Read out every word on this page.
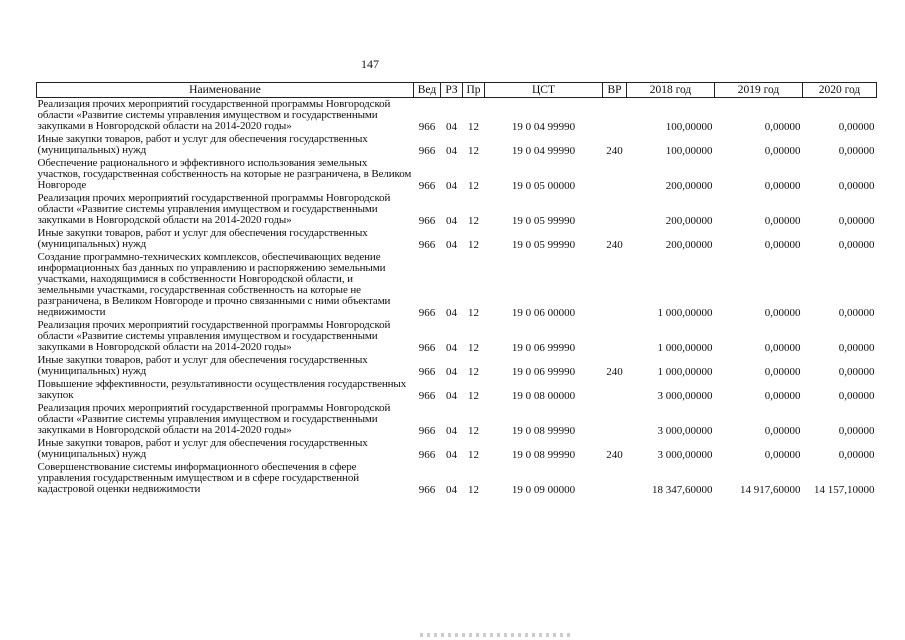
147
Наименование	Вед	РЗ	Пр	ЦСТ	ВР	2018 год	2019 год	2020 год
Реализация прочих мероприятий государственной программы Новгородской области «Развитие системы управления имуществом и государственными закупками в Новгородской области на 2014-2020 годы»	966	04	12	19 0 04 99990		100,00000	0,00000	0,00000
Иные закупки товаров, работ и услуг для обеспечения государственных (муниципальных) нужд	966	04	12	19 0 04 99990	240	100,00000	0,00000	0,00000
Обеспечение рационального и эффективного использования земельных участков, государственная собственность на которые не разграничена, в Великом Новгороде	966	04	12	19 0 05 00000		200,00000	0,00000	0,00000
Реализация прочих мероприятий государственной программы Новгородской области «Развитие системы управления имуществом и государственными закупками в Новгородской области на 2014-2020 годы»	966	04	12	19 0 05 99990		200,00000	0,00000	0,00000
Иные закупки товаров, работ и услуг для обеспечения государственных (муниципальных) нужд	966	04	12	19 0 05 99990	240	200,00000	0,00000	0,00000
Создание программно-технических комплексов, обеспечивающих ведение информационных баз данных по управлению и распоряжению земельными участками, находящимися в собственности Новгородской области, и земельными участками, государственная собственность на которые не разграничена, в Великом Новгороде и прочно связанными с ними объектами недвижимости	966	04	12	19 0 06 00000		1 000,00000	0,00000	0,00000
Реализация прочих мероприятий государственной программы Новгородской области «Развитие системы управления имуществом и государственными закупками в Новгородской области на 2014-2020 годы»	966	04	12	19 0 06 99990		1 000,00000	0,00000	0,00000
Иные закупки товаров, работ и услуг для обеспечения государственных (муниципальных) нужд	966	04	12	19 0 06 99990	240	1 000,00000	0,00000	0,00000
Повышение эффективности, результативности осуществления государственных закупок	966	04	12	19 0 08 00000		3 000,00000	0,00000	0,00000
Реализация прочих мероприятий государственной программы Новгородской области «Развитие системы управления имуществом и государственными закупками в Новгородской области на 2014-2020 годы»	966	04	12	19 0 08 99990		3 000,00000	0,00000	0,00000
Иные закупки товаров, работ и услуг для обеспечения государственных (муниципальных) нужд	966	04	12	19 0 08 99990	240	3 000,00000	0,00000	0,00000
Совершенствование системы информационного обеспечения в сфере управления государственным имуществом и в сфере государственной кадастровой оценки недвижимости	966	04	12	19 0 09 00000		18 347,60000	14 917,60000	14 157,10000
